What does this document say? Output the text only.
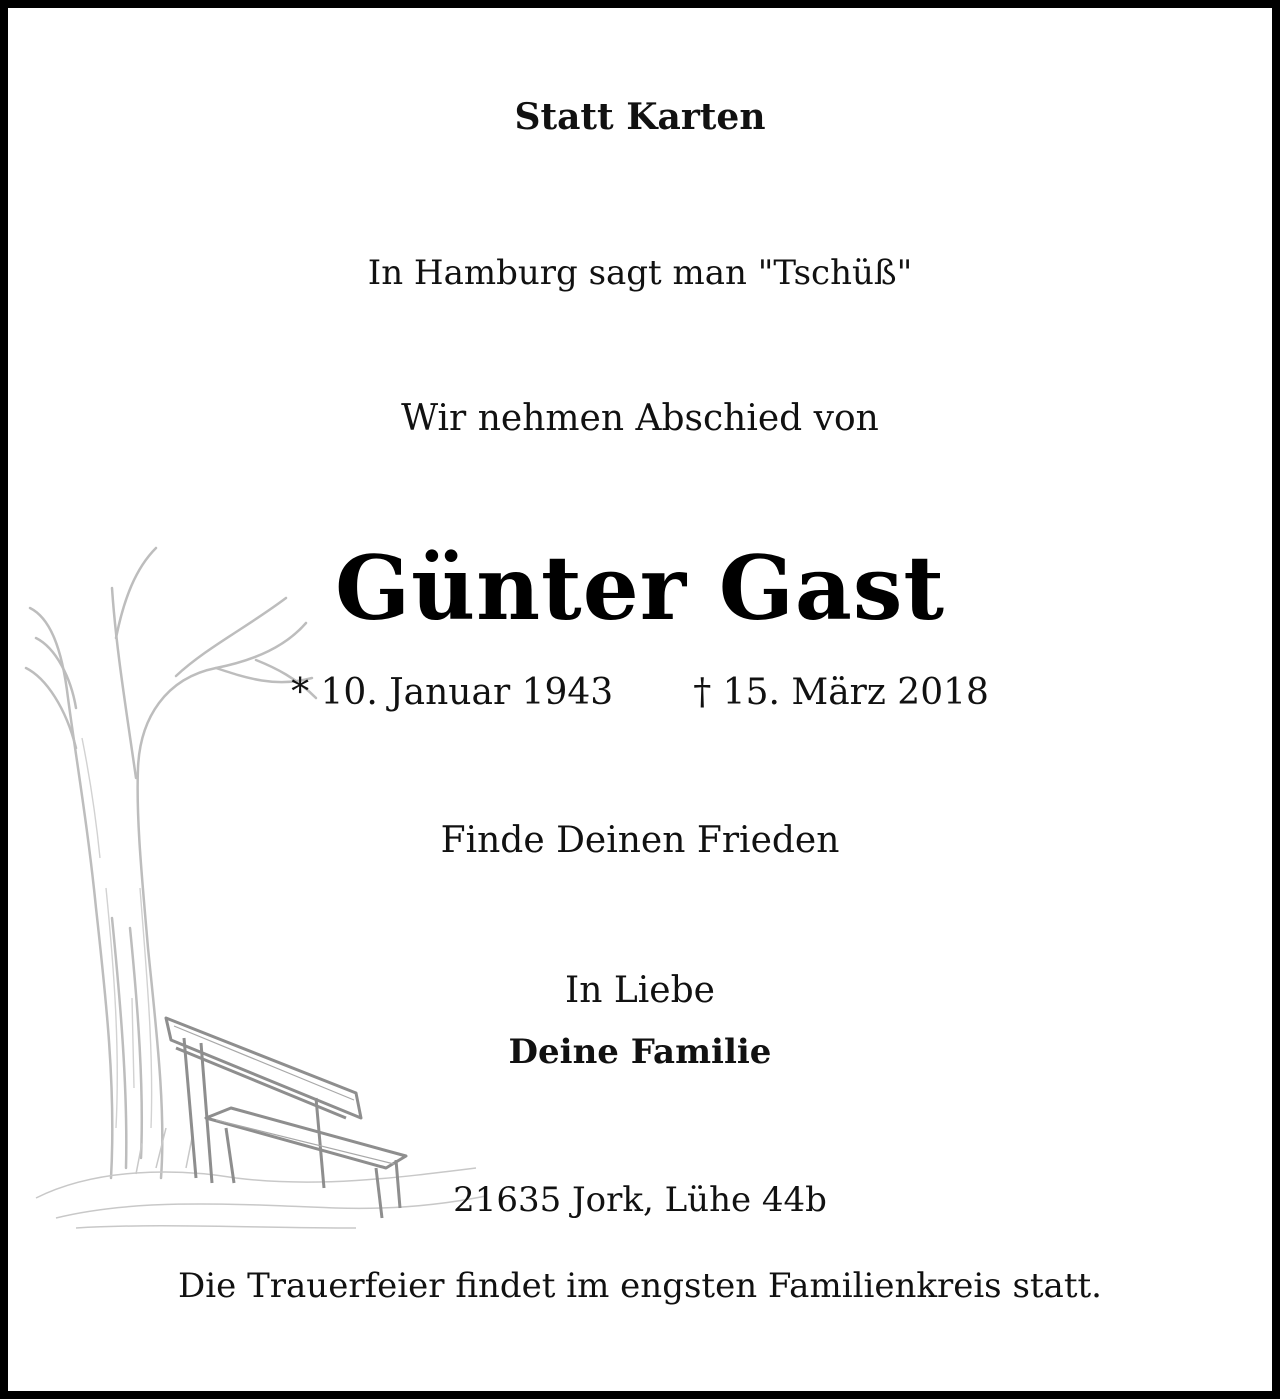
Statt Karten
In Hamburg sagt man "Tschüß"
Wir nehmen Abschied von
Günter Gast
* 10. Januar 1943 † 15. März 2018
Finde Deinen Frieden
In Liebe
Deine Familie
21635 Jork, Lühe 44b
Die Trauerfeier findet im engsten Familienkreis statt.
